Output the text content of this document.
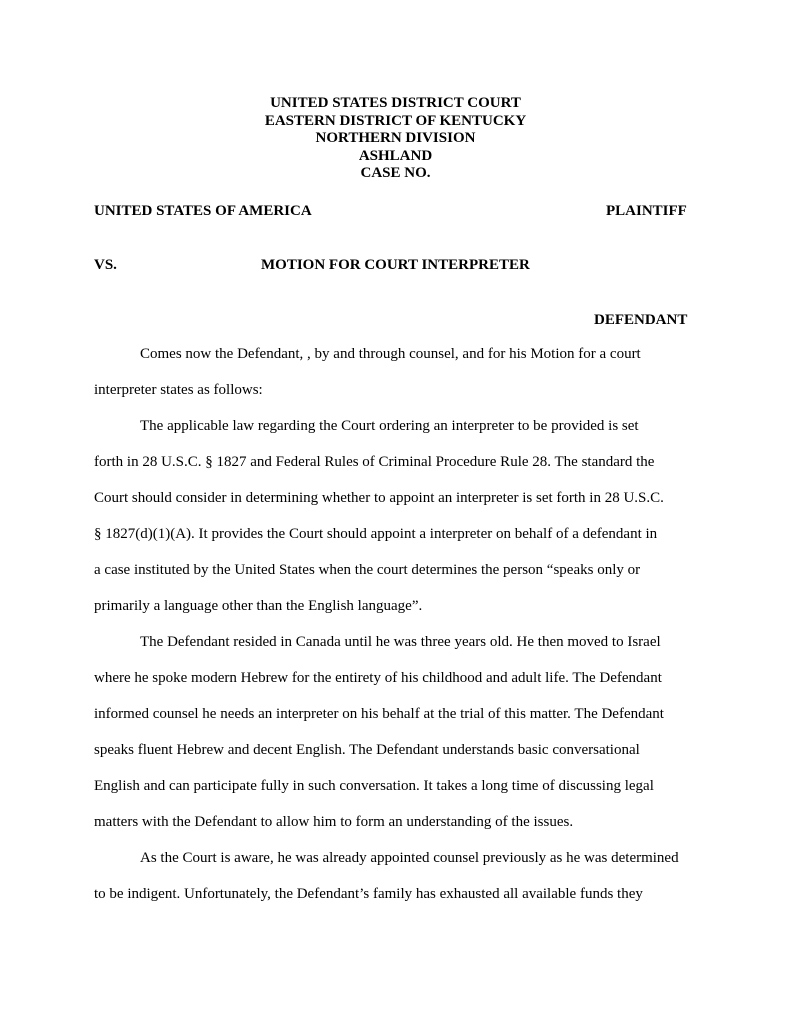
UNITED STATES DISTRICT COURT
EASTERN DISTRICT OF KENTUCKY
NORTHERN DIVISION
ASHLAND
CASE NO.
UNITED STATES OF AMERICA	PLAINTIFF
VS.	MOTION FOR COURT INTERPRETER
DEFENDANT
Comes now the Defendant, , by and through counsel, and for his Motion for a court
interpreter states as follows:
The applicable law regarding the Court ordering an interpreter to be provided is set
forth in 28 U.S.C. § 1827 and Federal Rules of Criminal Procedure Rule 28. The standard the
Court should consider in determining whether to appoint an interpreter is set forth in 28 U.S.C.
§ 1827(d)(1)(A). It provides the Court should appoint a interpreter on behalf of a defendant in
a case instituted by the United States when the court determines the person “speaks only or
primarily a language other than the English language”.
The Defendant resided in Canada until he was three years old. He then moved to Israel
where he spoke modern Hebrew for the entirety of his childhood and adult life. The Defendant
informed counsel he needs an interpreter on his behalf at the trial of this matter. The Defendant
speaks fluent Hebrew and decent English. The Defendant understands basic conversational
English and can participate fully in such conversation. It takes a long time of discussing legal
matters with the Defendant to allow him to form an understanding of the issues.
As the Court is aware, he was already appointed counsel previously as he was determined
to be indigent. Unfortunately, the Defendant’s family has exhausted all available funds they
